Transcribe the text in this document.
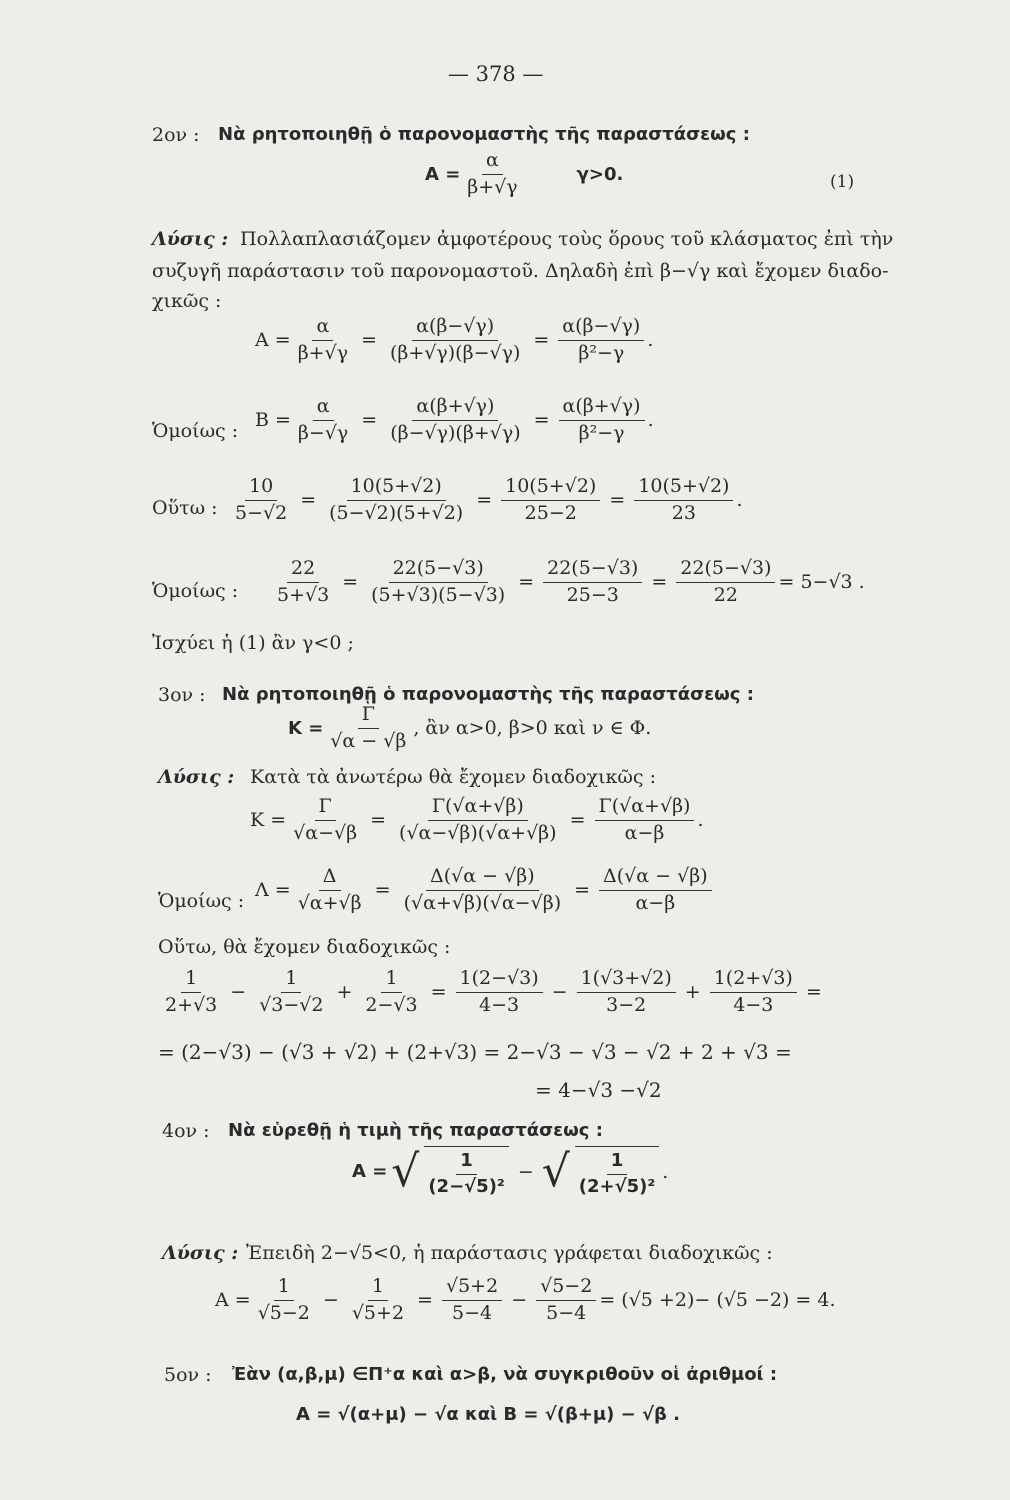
— 378 —
2ον : Νὰ ρητοποιηθῇ ὁ παρονομαστὴς τῆς παραστάσεως :
$A = \frac{\alpha}{\beta+√\gamma}$	γ>0.	(1)
Λύσις : Πολλαπλασιάζομεν ἀμφοτέρους τοὺς ὅρους τοῦ κλάσματος ἐπὶ τὴν
συζυγῆ παράστασιν τοῦ παρονομαστοῦ. Δηλαδὴ ἐπὶ β−√γ καὶ ἔχομεν διαδο-
χικῶς :
$A = \frac{\alpha}{\beta+√\gamma} = \frac{\alpha(\beta-√\gamma)}{(\beta+√\gamma)(\beta-√\gamma)} = \frac{\alpha(\beta-√\gamma)}{\text{β²−γ}}$ .
Ὁμοίως : $B = \frac{\alpha}{\beta-√\gamma} = \frac{\alpha(\beta+√\gamma)}{(\beta-√\gamma)(\beta+√\gamma)} = \frac{\alpha(\beta+√\gamma)}{\text{β²−γ}}$ .
Οὕτω : $\frac{10}{5-√2} = \frac{10(5+√2)}{(5-√2)(5+√2)} = \frac{10(5+√2)}{25-2} = \frac{10(5+√2)}{23}$ .
Ὁμοίως : $\frac{22}{5+√3} = \frac{22(5-√3)}{(5+√3)(5-√3)} = \frac{22(5-√3)}{25-3} = \frac{22(5-√3)}{22} = 5-√3$ .
Ἰσχύει ἡ (1) ἂν γ<0 ;
3ον : Νὰ ρητοποιηθῇ ὁ παρονομαστὴς τῆς παραστάσεως :
$K = \frac{\Gamma}{√\alpha - √\beta}$ , ἂν α>0, β>0 καὶ ν ∈ Φ.
Λύσις : Κατὰ τὰ ἀνωτέρω θὰ ἔχομεν διαδοχικῶς :
$K = \frac{\Gamma}{√\alpha-√\beta} = \frac{\Gamma(√\alpha+√\beta)}{(√\alpha-√\beta)(√\alpha+√\beta)} = \frac{\Gamma(√\alpha+√\beta)}{\alpha-\beta}$ .
Ὁμοίως : $\Lambda = \frac{\Delta}{√\alpha+√\beta} = \frac{\Delta(√\alpha - √\beta)}{(√\alpha+√\beta)(√\alpha-√\beta)} = \frac{\Delta(√\alpha - √\beta)}{\alpha-\beta}$
Οὕτω, θὰ ἔχομεν διαδοχικῶς :
$\frac{1}{2+√3} - \frac{1}{√3-√2} + \frac{1}{2-√3} = \frac{1(2-√3)}{4-3} - \frac{1(√3+√2)}{3-2} + \frac{1(2+√3)}{4-3}$ =
= (2−√3) − (√3 + √2) + (2+√3) = 2−√3 − √3 − √2 + 2 + √3 =
= 4−√3 −√2
4ον : Νὰ εὑρεθῇ ἡ τιμὴ τῆς παραστάσεως :
Α = √ $\frac{1}{\text{(2−√5)²}}$ − √ $\frac{1}{\text{(2+√5)²}}$ .
Λύσις : Ἐπειδὴ 2−√5<0, ἡ παράστασις γράφεται διαδοχικῶς :
$A = \frac{1}{√5-2} - \frac{1}{√5+2} = \frac{√5+2}{5-4} - \frac{√5-2}{5-4} = (√5 +2)- (√5 -2) = 4$.
5ον : Ἐὰν (α,β,μ) ∈Π⁺α καὶ α>β, νὰ συγκριθοῦν οἱ ἀριθμοί :
Α = √(α+μ) − √α καὶ Β = √(β+μ) − √β .
